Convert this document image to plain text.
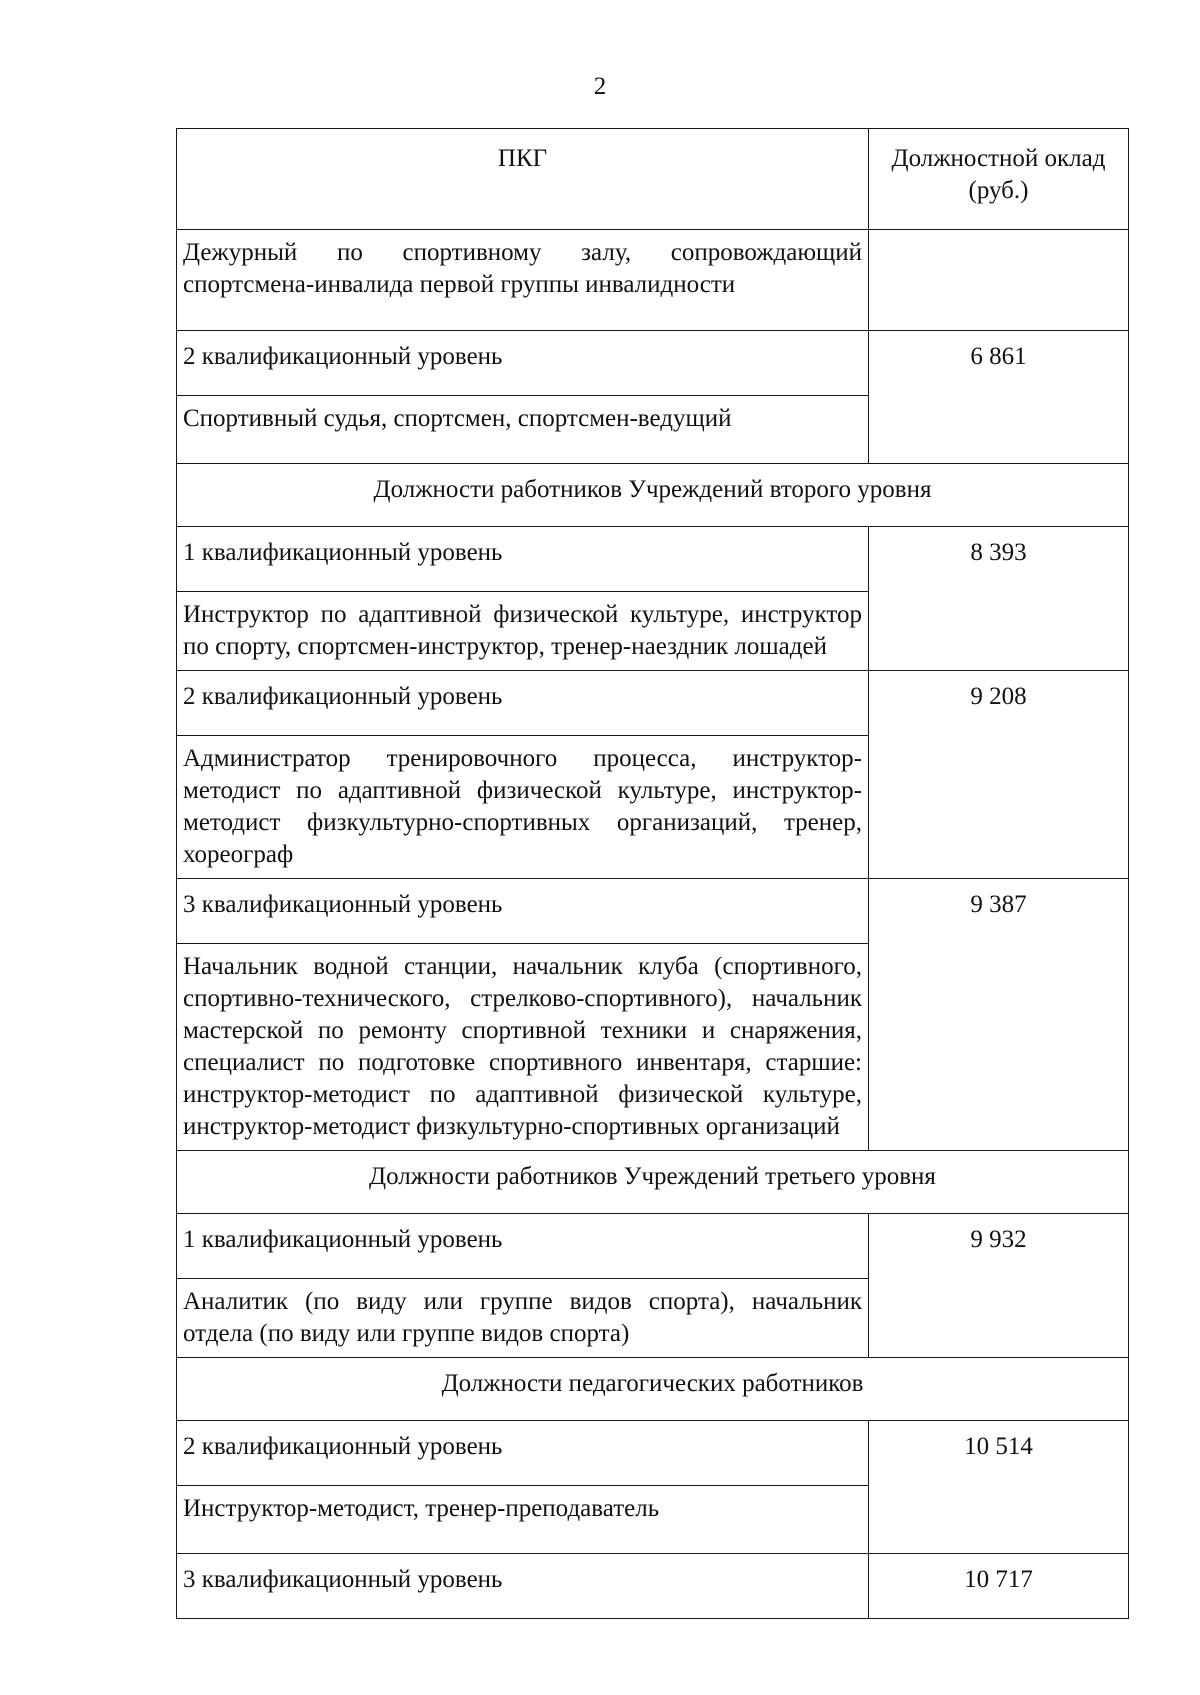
2
ПКГ	Должностной оклад (руб.)
Дежурный по спортивному залу, сопровождающий спортсмена-инвалида первой группы инвалидности	
2 квалификационный уровень	6 861
Спортивный судья, спортсмен, спортсмен-ведущий	
Должности работников Учреждений второго уровня	
1 квалификационный уровень	8 393
Инструктор по адаптивной физической культуре, инструктор по спорту, спортсмен-инструктор, тренер-наездник лошадей	
2 квалификационный уровень	9 208
Администратор тренировочного процесса, инструктор-методист по адаптивной физической культуре, инструктор-методист физкультурно-спортивных организаций, тренер, хореограф	
3 квалификационный уровень	9 387
Начальник водной станции, начальник клуба (спортивного, спортивно-технического, стрелково-спортивного), начальник мастерской по ремонту спортивной техники и снаряжения, специалист по подготовке спортивного инвентаря, старшие: инструктор-методист по адаптивной физической культуре, инструктор-методист физкультурно-спортивных организаций	
Должности работников Учреждений третьего уровня	
1 квалификационный уровень	9 932
Аналитик (по виду или группе видов спорта), начальник отдела (по виду или группе видов спорта)	
Должности педагогических работников	
2 квалификационный уровень	10 514
Инструктор-методист, тренер-преподаватель	
3 квалификационный уровень	10 717
